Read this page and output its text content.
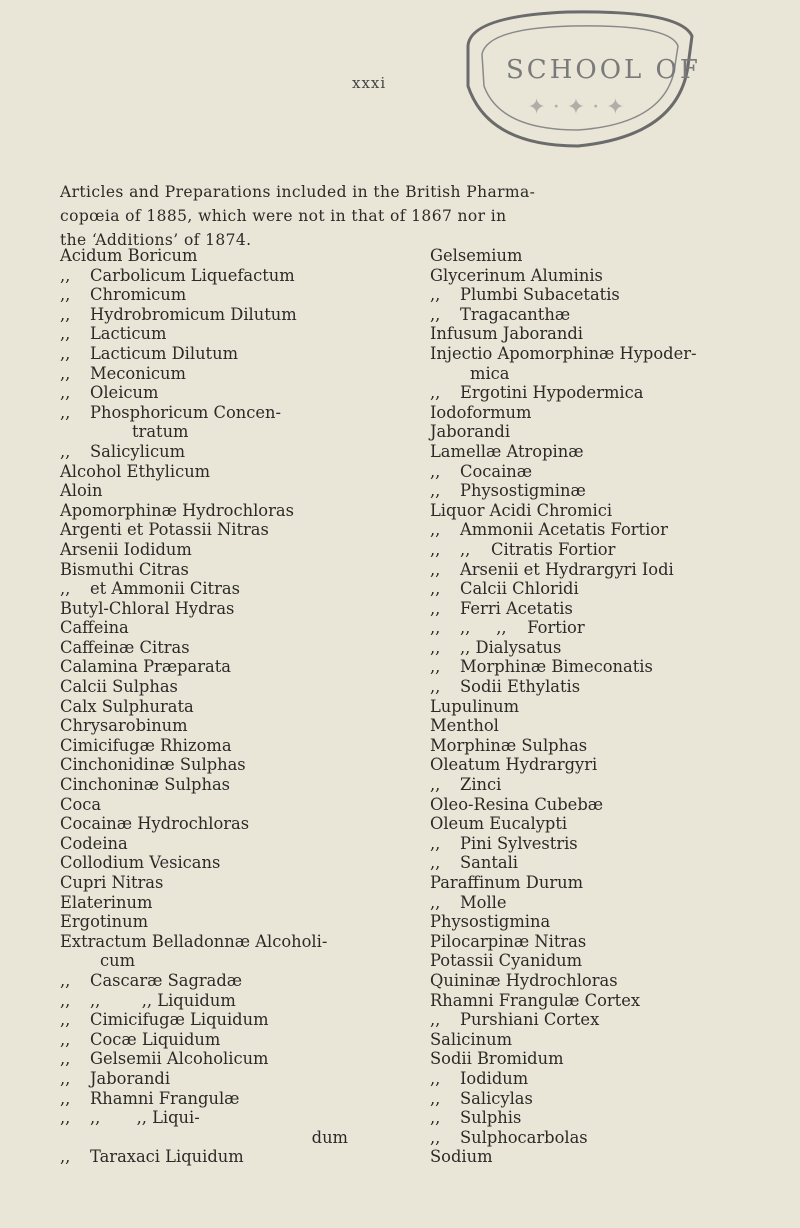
xxxi	SCHOOL OF
✦ · ✦ · ✦
Articles and Preparations included in the British Pharma-
copœia of 1885, which were not in that of 1867 nor in
the ‘Additions’ of 1874.
Acidum Boricum
,, Carbolicum Liquefactum
,, Chromicum
,, Hydrobromicum Dilutum
,, Lacticum
,, Lacticum Dilutum
,, Meconicum
,, Oleicum
,, Phosphoricum Concen-
tratum
,, Salicylicum
Alcohol Ethylicum
Aloin
Apomorphinæ Hydrochloras
Argenti et Potassii Nitras
Arsenii Iodidum
Bismuthi Citras
,, et Ammonii Citras
Butyl-Chloral Hydras
Caffeina
Caffeinæ Citras
Calamina Præparata
Calcii Sulphas
Calx Sulphurata
Chrysarobinum
Cimicifugæ Rhizoma
Cinchonidinæ Sulphas
Cinchoninæ Sulphas
Coca
Cocainæ Hydrochloras
Codeina
Collodium Vesicans
Cupri Nitras
Elaterinum
Ergotinum
Extractum Belladonnæ Alcoholi-
cum
,, Cascaræ Sagradæ
,, ,,        ,, Liquidum
,, Cimicifugæ Liquidum
,, Cocæ Liquidum
,, Gelsemii Alcoholicum
,, Jaborandi
,, Rhamni Frangulæ
,, ,,       ,, Liqui-
dum
,, Taraxaci Liquidum
Gelsemium
Glycerinum Aluminis
,, Plumbi Subacetatis
,, Tragacanthæ
Infusum Jaborandi
Injectio Apomorphinæ Hypoder-
mica
,, Ergotini Hypodermica
Iodoformum
Jaborandi
Lamellæ Atropinæ
,, Cocainæ
,, Physostigminæ
Liquor Acidi Chromici
,, Ammonii Acetatis Fortior
,, ,,    Citratis Fortior
,, Arsenii et Hydrargyri Iodi
,, Calcii Chloridi
,, Ferri Acetatis
,, ,,     ,,    Fortior
,, ,, Dialysatus
,, Morphinæ Bimeconatis
,, Sodii Ethylatis
Lupulinum
Menthol
Morphinæ Sulphas
Oleatum Hydrargyri
,, Zinci
Oleo-Resina Cubebæ
Oleum Eucalypti
,, Pini Sylvestris
,, Santali
Paraffinum Durum
,, Molle
Physostigmina
Pilocarpinæ Nitras
Potassii Cyanidum
Quininæ Hydrochloras
Rhamni Frangulæ Cortex
,, Purshiani Cortex
Salicinum
Sodii Bromidum
,, Iodidum
,, Salicylas
,, Sulphis
,, Sulphocarbolas
Sodium
